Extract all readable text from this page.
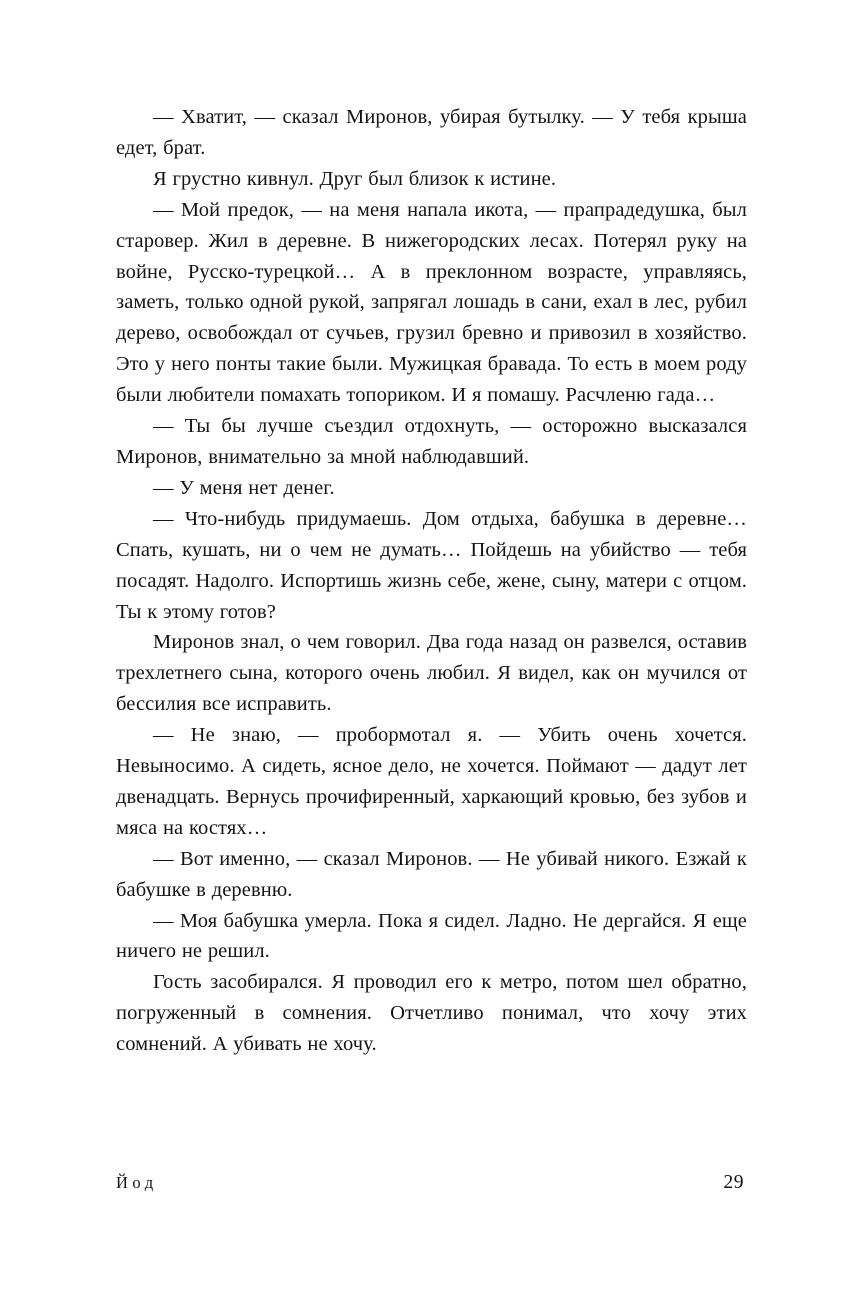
— Хватит, — сказал Миронов, убирая бутылку. — У тебя крыша едет, брат.

Я грустно кивнул. Друг был близок к истине.

— Мой предок, — на меня напала икота, — прапрадедушка, был старовер. Жил в деревне. В нижегородских лесах. Потерял руку на войне, Русско-турецкой… А в преклонном возрасте, управляясь, заметь, только одной рукой, запрягал лошадь в сани, ехал в лес, рубил дерево, освобождал от сучьев, грузил бревно и привозил в хозяйство. Это у него понты такие были. Мужицкая бравада. То есть в моем роду были любители помахать топориком. И я помашу. Расчленю гада…

— Ты бы лучше съездил отдохнуть, — осторожно высказался Миронов, внимательно за мной наблюдавший.

— У меня нет денег.

— Что-нибудь придумаешь. Дом отдыха, бабушка в деревне… Спать, кушать, ни о чем не думать… Пойдешь на убийство — тебя посадят. Надолго. Испортишь жизнь себе, жене, сыну, матери с отцом. Ты к этому готов?

Миронов знал, о чем говорил. Два года назад он развелся, оставив трехлетнего сына, которого очень любил. Я видел, как он мучился от бессилия все исправить.

— Не знаю, — пробормотал я. — Убить очень хочется. Невыносимо. А сидеть, ясное дело, не хочется. Поймают — дадут лет двенадцать. Вернусь прочифиренный, харкающий кровью, без зубов и мяса на костях…

— Вот именно, — сказал Миронов. — Не убивай никого. Езжай к бабушке в деревню.

— Моя бабушка умерла. Пока я сидел. Ладно. Не дергайся. Я еще ничего не решил.

Гость засобирался. Я проводил его к метро, потом шел обратно, погруженный в сомнения. Отчетливо понимал, что хочу этих сомнений. А убивать не хочу.

Йод	29
